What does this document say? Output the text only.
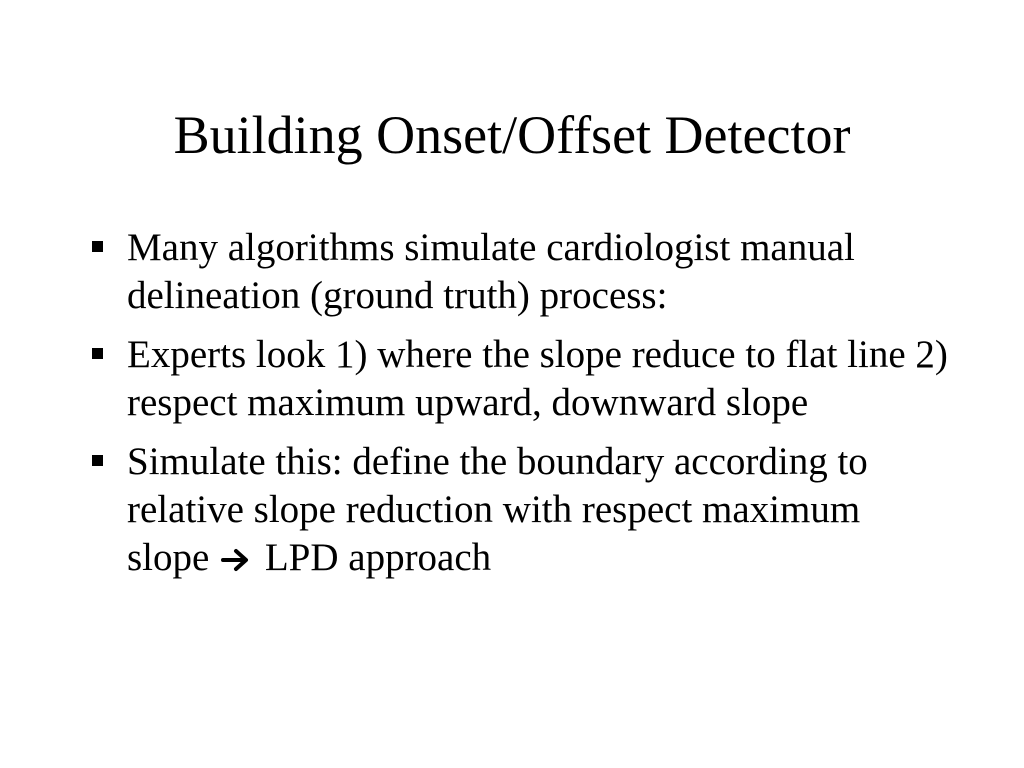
Building Onset/Offset Detector
Many algorithms simulate cardiologist manual delineation (ground truth) process:
Experts look 1) where the slope reduce to flat line 2) respect maximum upward, downward slope
Simulate this: define the boundary according to relative slope reduction with respect maximum slope LPD approach
